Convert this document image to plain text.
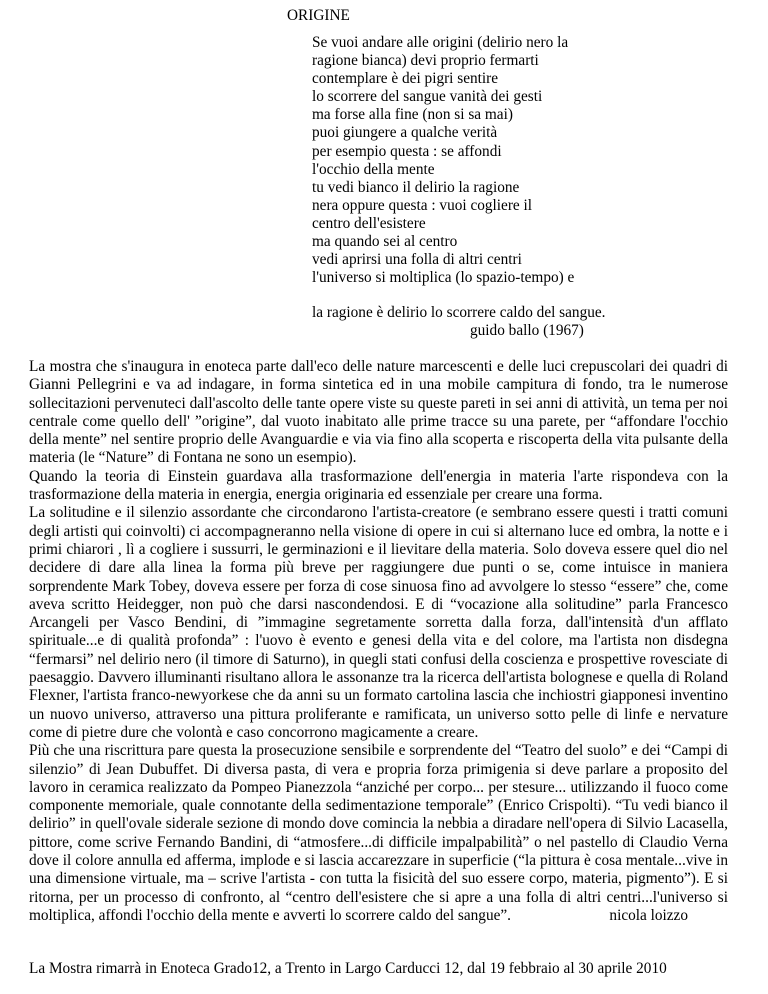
ORIGINE
Se vuoi andare alle origini (delirio nero la
ragione bianca) devi proprio fermarti
contemplare è dei pigri sentire
lo scorrere del sangue vanità dei gesti
ma forse alla fine (non si sa mai)
puoi giungere a qualche verità
per esempio questa : se affondi
l'occhio della mente
tu vedi bianco il delirio la ragione
nera oppure questa : vuoi cogliere il
centro dell'esistere
ma quando sei al centro
vedi aprirsi una folla di altri centri
l'universo si moltiplica (lo spazio-tempo) e
la ragione è delirio lo scorrere caldo del sangue.
guido ballo (1967)
La mostra che s'inaugura in enoteca parte dall'eco delle nature marcescenti e delle luci crepuscolari dei quadri di Gianni Pellegrini e va ad indagare, in forma sintetica ed in una mobile campitura di fondo, tra le numerose sollecitazioni pervenuteci dall'ascolto delle tante opere viste su queste pareti in sei anni di attività, un tema per noi centrale come quello dell' ”origine”, dal vuoto inabitato alle prime tracce su una parete, per “affondare l'occhio della mente” nel sentire proprio delle Avanguardie e via via fino alla scoperta e riscoperta della vita pulsante della materia (le “Nature” di Fontana ne sono un esempio).
Quando la teoria di Einstein guardava alla trasformazione dell'energia in materia l'arte rispondeva con la trasformazione della materia in energia, energia originaria ed essenziale per creare una forma.
La solitudine e il silenzio assordante che circondarono l'artista-creatore (e sembrano essere questi i tratti comuni degli artisti qui coinvolti) ci accompagneranno nella visione di opere in cui si alternano luce ed ombra, la notte e i primi chiarori , lì a cogliere i sussurri, le germinazioni e il lievitare della materia. Solo doveva essere quel dio nel decidere di dare alla linea la forma più breve per raggiungere due punti o se, come intuisce in maniera sorprendente Mark Tobey, doveva essere per forza di cose sinuosa fino ad avvolgere lo stesso “essere” che, come aveva scritto Heidegger, non può che darsi nascondendosi. E di “vocazione alla solitudine” parla Francesco Arcangeli per Vasco Bendini, di ”immagine segretamente sorretta dalla forza, dall'intensità d'un afflato spirituale...e di qualità profonda” : l'uovo è evento e genesi della vita e del colore, ma l'artista non disdegna “fermarsi” nel delirio nero (il timore di Saturno), in quegli stati confusi della coscienza e prospettive rovesciate di paesaggio. Davvero illuminanti risultano allora le assonanze tra la ricerca dell'artista bolognese e quella di Roland Flexner, l'artista franco-newyorkese che da anni su un formato cartolina lascia che inchiostri giapponesi inventino un nuovo universo, attraverso una pittura proliferante e ramificata, un universo sotto pelle di linfe e nervature come di pietre dure che volontà e caso concorrono magicamente a creare.
Più che una riscrittura pare questa la prosecuzione sensibile e sorprendente del “Teatro del suolo” e dei “Campi di silenzio” di Jean Dubuffet. Di diversa pasta, di vera e propria forza primigenia si deve parlare a proposito del lavoro in ceramica realizzato da Pompeo Pianezzola “anziché per corpo... per stesure... utilizzando il fuoco come componente memoriale, quale connotante della sedimentazione temporale” (Enrico Crispolti). “Tu vedi bianco il delirio” in quell'ovale siderale sezione di mondo dove comincia la nebbia a diradare nell'opera di Silvio Lacasella, pittore, come scrive Fernando Bandini, di “atmosfere...di difficile impalpabilità” o nel pastello di Claudio Verna dove il colore annulla ed afferma, implode e si lascia accarezzare in superficie (“la pittura è cosa mentale...vive in una dimensione virtuale, ma – scrive l'artista - con tutta la fisicità del suo essere corpo, materia, pigmento”). E si ritorna, per un processo di confronto, al “centro dell'esistere che si apre a una folla di altri centri...l'universo si moltiplica, affondi l'occhio della mente e avverti lo scorrere caldo del sangue”.	nicola loizzo
La Mostra rimarrà in Enoteca Grado12, a Trento in Largo Carducci 12, dal 19 febbraio al 30 aprile 2010
